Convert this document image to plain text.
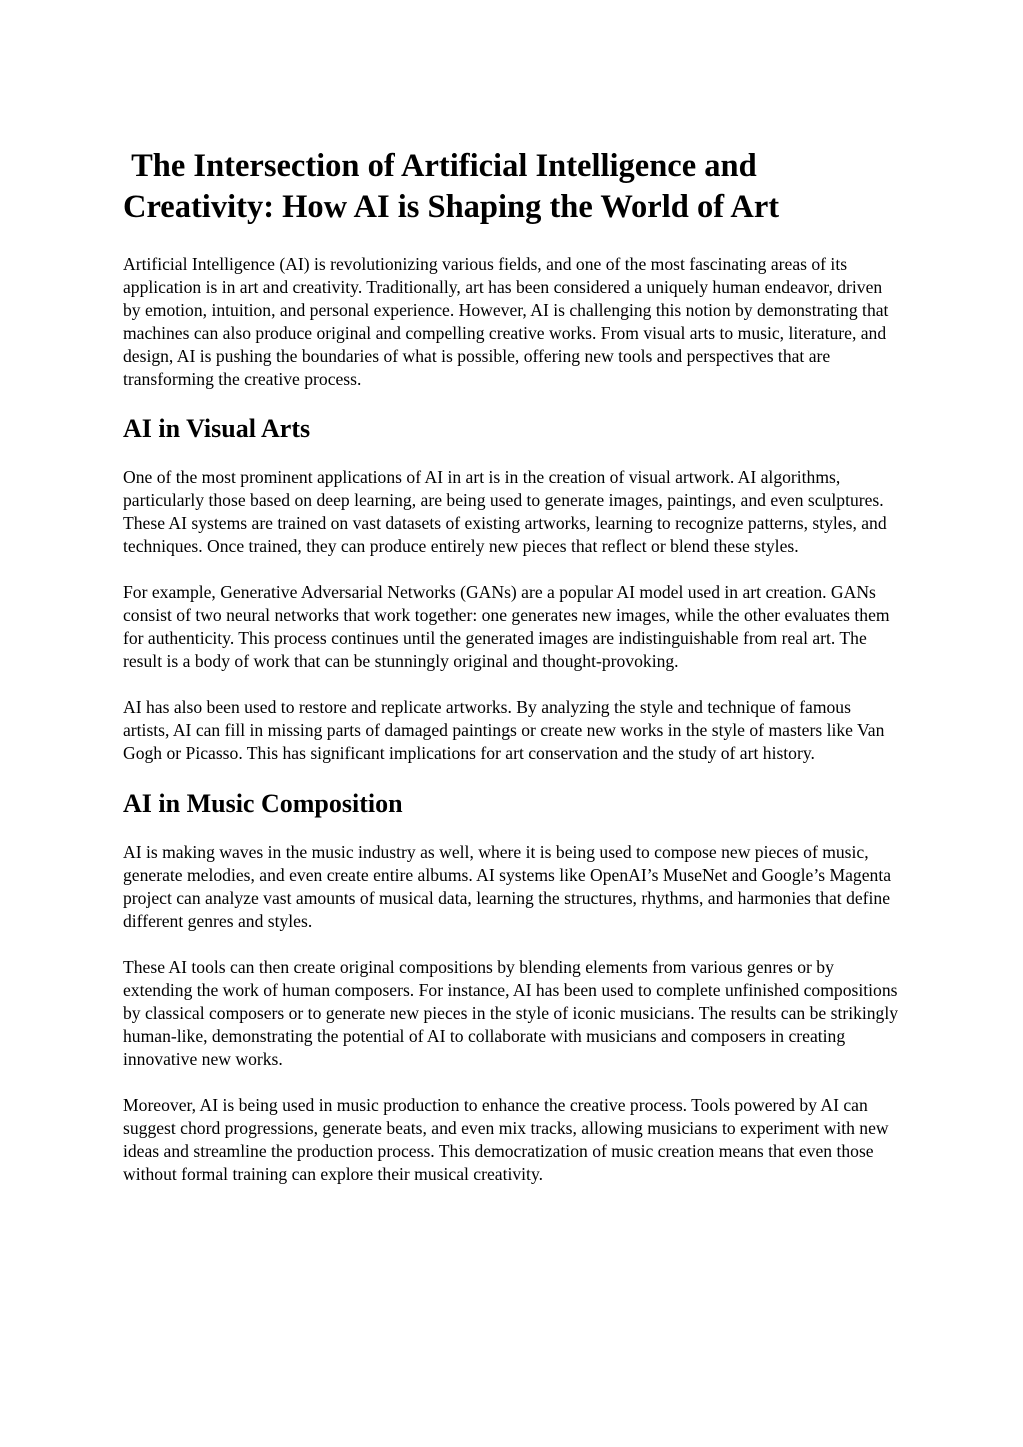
The Intersection of Artificial Intelligence and Creativity: How AI is Shaping the World of Art

Artificial Intelligence (AI) is revolutionizing various fields, and one of the most fascinating areas of its application is in art and creativity. Traditionally, art has been considered a uniquely human endeavor, driven by emotion, intuition, and personal experience. However, AI is challenging this notion by demonstrating that machines can also produce original and compelling creative works. From visual arts to music, literature, and design, AI is pushing the boundaries of what is possible, offering new tools and perspectives that are transforming the creative process.

AI in Visual Arts

One of the most prominent applications of AI in art is in the creation of visual artwork. AI algorithms, particularly those based on deep learning, are being used to generate images, paintings, and even sculptures. These AI systems are trained on vast datasets of existing artworks, learning to recognize patterns, styles, and techniques. Once trained, they can produce entirely new pieces that reflect or blend these styles.

For example, Generative Adversarial Networks (GANs) are a popular AI model used in art creation. GANs consist of two neural networks that work together: one generates new images, while the other evaluates them for authenticity. This process continues until the generated images are indistinguishable from real art. The result is a body of work that can be stunningly original and thought-provoking.

AI has also been used to restore and replicate artworks. By analyzing the style and technique of famous artists, AI can fill in missing parts of damaged paintings or create new works in the style of masters like Van Gogh or Picasso. This has significant implications for art conservation and the study of art history.

AI in Music Composition

AI is making waves in the music industry as well, where it is being used to compose new pieces of music, generate melodies, and even create entire albums. AI systems like OpenAI’s MuseNet and Google’s Magenta project can analyze vast amounts of musical data, learning the structures, rhythms, and harmonies that define different genres and styles.

These AI tools can then create original compositions by blending elements from various genres or by extending the work of human composers. For instance, AI has been used to complete unfinished compositions by classical composers or to generate new pieces in the style of iconic musicians. The results can be strikingly human-like, demonstrating the potential of AI to collaborate with musicians and composers in creating innovative new works.

Moreover, AI is being used in music production to enhance the creative process. Tools powered by AI can suggest chord progressions, generate beats, and even mix tracks, allowing musicians to experiment with new ideas and streamline the production process. This democratization of music creation means that even those without formal training can explore their musical creativity.
